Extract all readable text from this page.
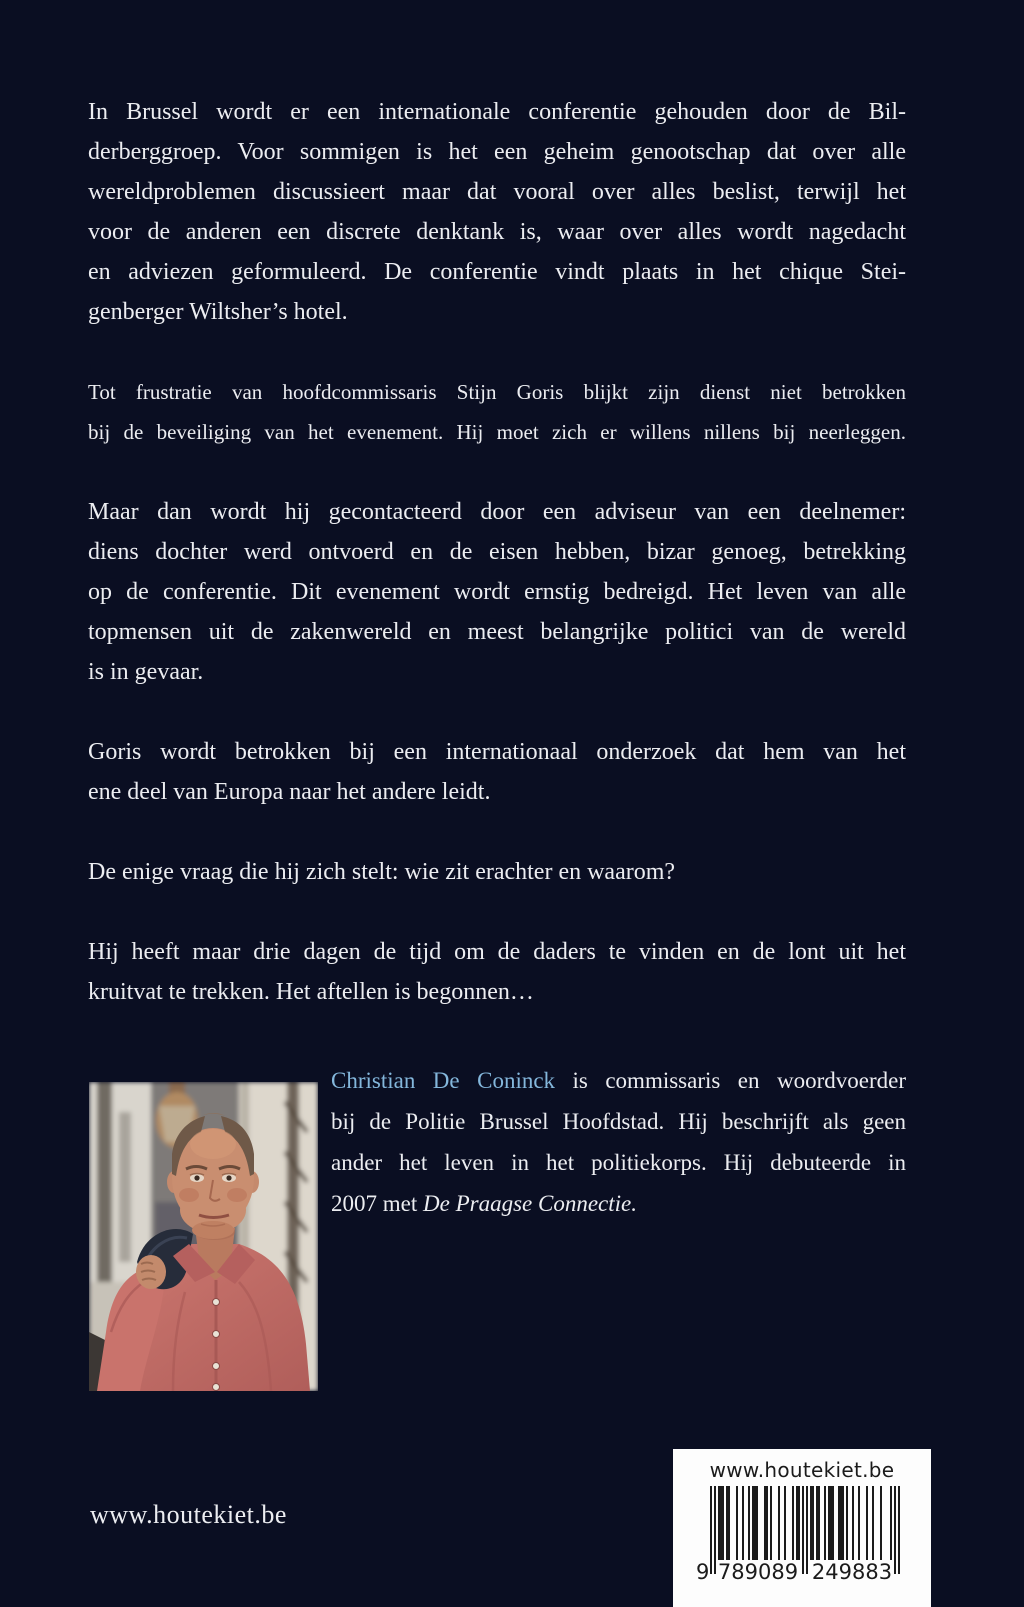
In Brussel wordt er een internationale conferentie gehouden door de Bil-
derberggroep. Voor sommigen is het een geheim genootschap dat over alle
wereldproblemen discussieert maar dat vooral over alles beslist, terwijl het
voor de anderen een discrete denktank is, waar over alles wordt nagedacht
en adviezen geformuleerd. De conferentie vindt plaats in het chique Stei-
genberger Wiltsher’s hotel.
Tot frustratie van hoofdcommissaris Stijn Goris blijkt zijn dienst niet betrokken
bij de beveiliging van het evenement. Hij moet zich er willens nillens bij neerleggen.
Maar dan wordt hij gecontacteerd door een adviseur van een deelnemer:
diens dochter werd ontvoerd en de eisen hebben, bizar genoeg, betrekking
op de conferentie. Dit evenement wordt ernstig bedreigd. Het leven van alle
topmensen uit de zakenwereld en meest belangrijke politici van de wereld
is in gevaar.
Goris wordt betrokken bij een internationaal onderzoek dat hem van het
ene deel van Europa naar het andere leidt.
De enige vraag die hij zich stelt: wie zit erachter en waarom?
Hij heeft maar drie dagen de tijd om de daders te vinden en de lont uit het
kruitvat te trekken. Het aftellen is begonnen…
Christian De Coninck is commissaris en woordvoerder
bij de Politie Brussel Hoofdstad. Hij beschrijft als geen
ander het leven in het politiekorps. Hij debuteerde in
2007 met De Praagse Connectie.
www.houtekiet.be
www.houtekiet.be
9 789089 249883
